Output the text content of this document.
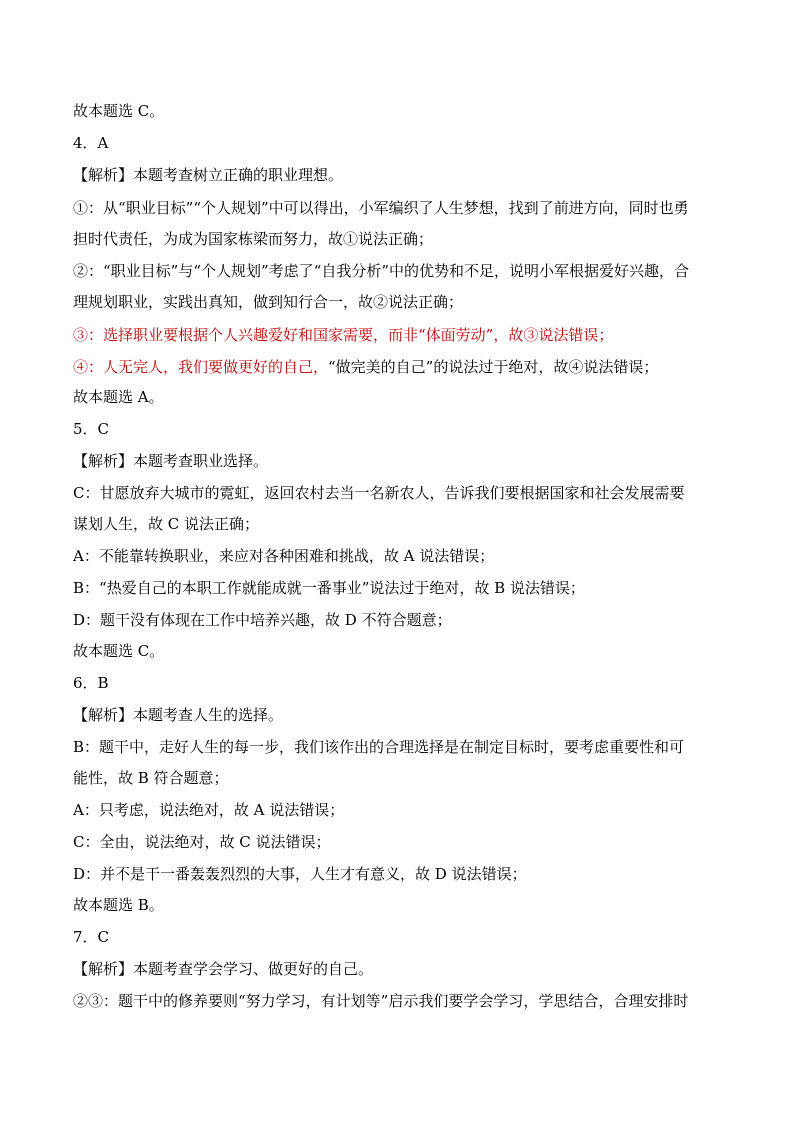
故本题选 C。
4．A
【解析】本题考查树立正确的职业理想。
①：从“职业目标”“个人规划”中可以得出，小军编织了人生梦想，找到了前进方向，同时也勇
担时代责任，为成为国家栋梁而努力，故①说法正确；
②：“职业目标”与“个人规划”考虑了“自我分析”中的优势和不足，说明小军根据爱好兴趣，合
理规划职业，实践出真知，做到知行合一，故②说法正确；
③：选择职业要根据个人兴趣爱好和国家需要，而非“体面劳动”，故③说法错误；
④：人无完人，我们要做更好的自己，“做完美的自己”的说法过于绝对，故④说法错误；
故本题选 A。
5．C
【解析】本题考查职业选择。
C：甘愿放弃大城市的霓虹，返回农村去当一名新农人，告诉我们要根据国家和社会发展需要
谋划人生，故 C 说法正确；
A：不能靠转换职业，来应对各种困难和挑战，故 A 说法错误；
B：“热爱自己的本职工作就能成就一番事业”说法过于绝对，故 B 说法错误；
D：题干没有体现在工作中培养兴趣，故 D 不符合题意；
故本题选 C。
6．B
【解析】本题考查人生的选择。
B：题干中，走好人生的每一步，我们该作出的合理选择是在制定目标时，要考虑重要性和可
能性，故 B 符合题意；
A：只考虑，说法绝对，故 A 说法错误；
C：全由，说法绝对，故 C 说法错误；
D：并不是干一番轰轰烈烈的大事，人生才有意义，故 D 说法错误；
故本题选 B。
7．C
【解析】本题考查学会学习、做更好的自己。
②③：题干中的修养要则“努力学习，有计划等”启示我们要学会学习，学思结合，合理安排时
